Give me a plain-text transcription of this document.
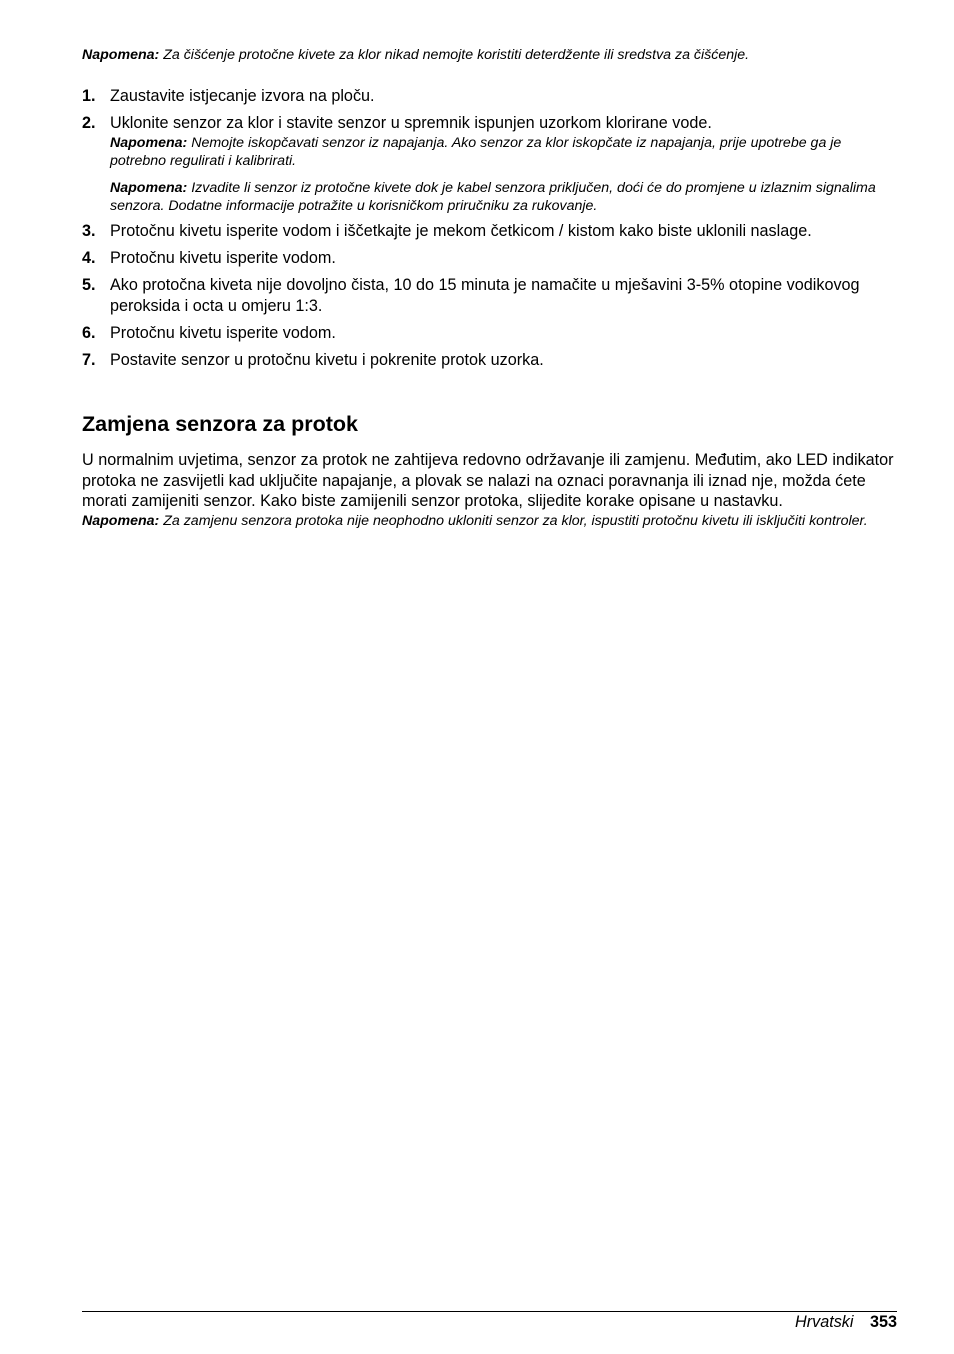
Napomena: Za čišćenje protočne kivete za klor nikad nemojte koristiti deterdžente ili sredstva za čišćenje.

1. Zaustavite istjecanje izvora na ploču.

2. Uklonite senzor za klor i stavite senzor u spremnik ispunjen uzorkom klorirane vode.

Napomena: Nemojte iskopčavati senzor iz napajanja. Ako senzor za klor iskopčate iz napajanja, prije upotrebe ga je potrebno regulirati i kalibrirati.

Napomena: Izvadite li senzor iz protočne kivete dok je kabel senzora priključen, doći će do promjene u izlaznim signalima senzora. Dodatne informacije potražite u korisničkom priručniku za rukovanje.

3. Protočnu kivetu isperite vodom i iščetkajte je mekom četkicom / kistom kako biste uklonili naslage.

4. Protočnu kivetu isperite vodom.

5. Ako protočna kiveta nije dovoljno čista, 10 do 15 minuta je namačite u mješavini 3-5% otopine vodikovog peroksida i octa u omjeru 1:3.

6. Protočnu kivetu isperite vodom.

7. Postavite senzor u protočnu kivetu i pokrenite protok uzorka.

Zamjena senzora za protok

U normalnim uvjetima, senzor za protok ne zahtijeva redovno održavanje ili zamjenu. Međutim, ako LED indikator protoka ne zasvijetli kad uključite napajanje, a plovak se nalazi na oznaci poravnanja ili iznad nje, možda ćete morati zamijeniti senzor. Kako biste zamijenili senzor protoka, slijedite korake opisane u nastavku.

Napomena: Za zamjenu senzora protoka nije neophodno ukloniti senzor za klor, ispustiti protočnu kivetu ili isključiti kontroler.

Hrvatski 353
